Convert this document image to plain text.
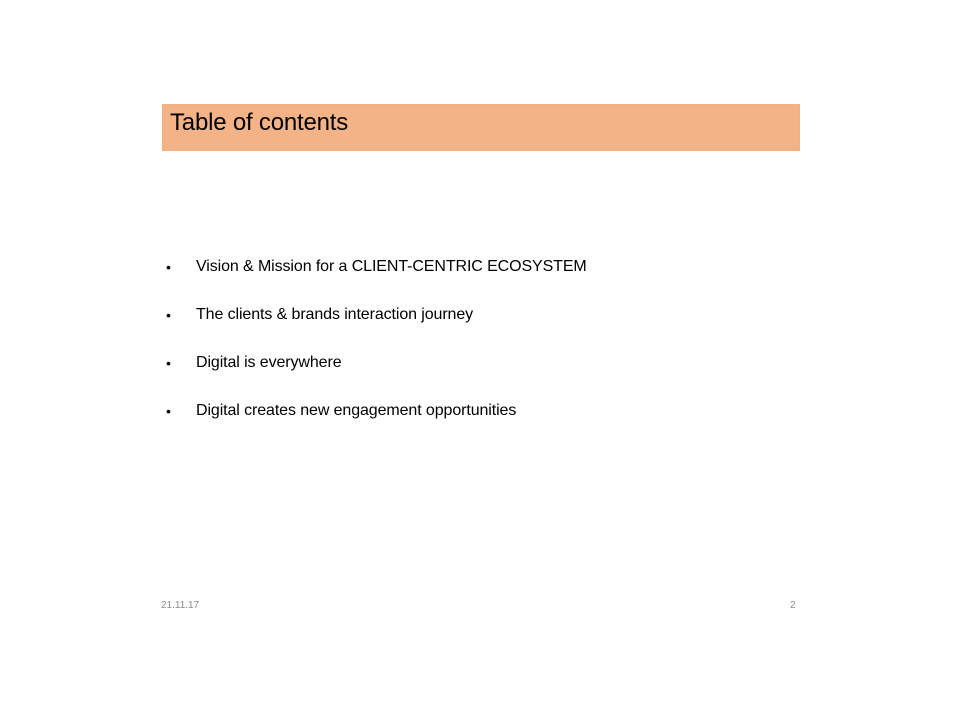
Table of contents
•	Vision & Mission for a CLIENT-CENTRIC ECOSYSTEM
•	The clients & brands interaction journey
•	Digital is everywhere
•	Digital creates new engagement opportunities
21.11.17	2
